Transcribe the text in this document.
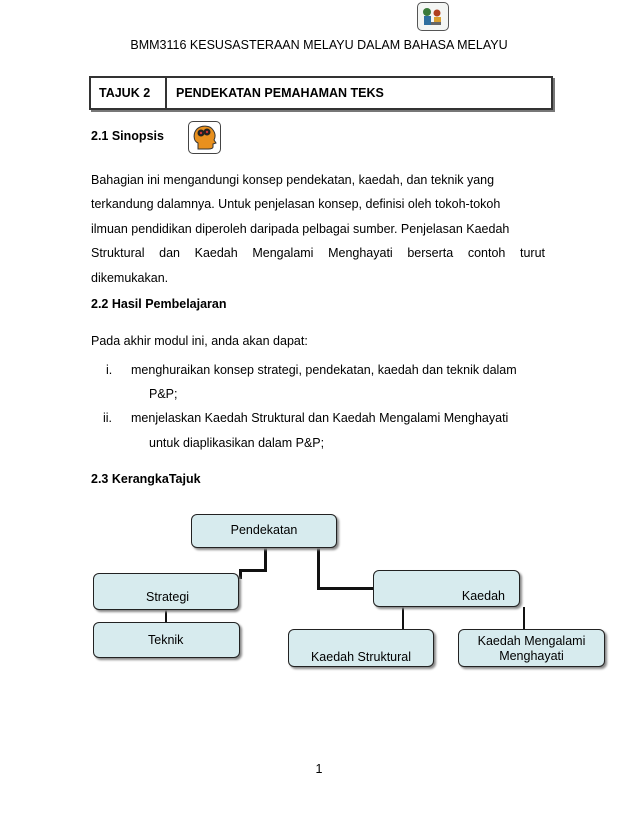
BMM3116 KESUSASTERAAN MELAYU DALAM BAHASA MELAYU
TAJUK 2	PENDEKATAN PEMAHAMAN TEKS
2.1 Sinopsis
Bahagian ini mengandungi konsep pendekatan, kaedah, dan teknik yang
terkandung dalamnya. Untuk penjelasan konsep, definisi oleh tokoh-tokoh
ilmuan pendidikan diperoleh daripada pelbagai sumber. Penjelasan Kaedah
Struktural dan Kaedah Mengalami Menghayati berserta contoh turut
dikemukakan.
2.2 Hasil Pembelajaran
Pada akhir modul ini, anda akan dapat:
i. menghuraikan konsep strategi, pendekatan, kaedah dan teknik dalam
P&P;
ii. menjelaskan Kaedah Struktural dan Kaedah Mengalami Menghayati
untuk diaplikasikan dalam P&P;
2.3 KerangkaTajuk
Pendekatan
Strategi	Kaedah
Teknik
Kaedah Struktural
Kaedah Mengalami
Menghayati
1
